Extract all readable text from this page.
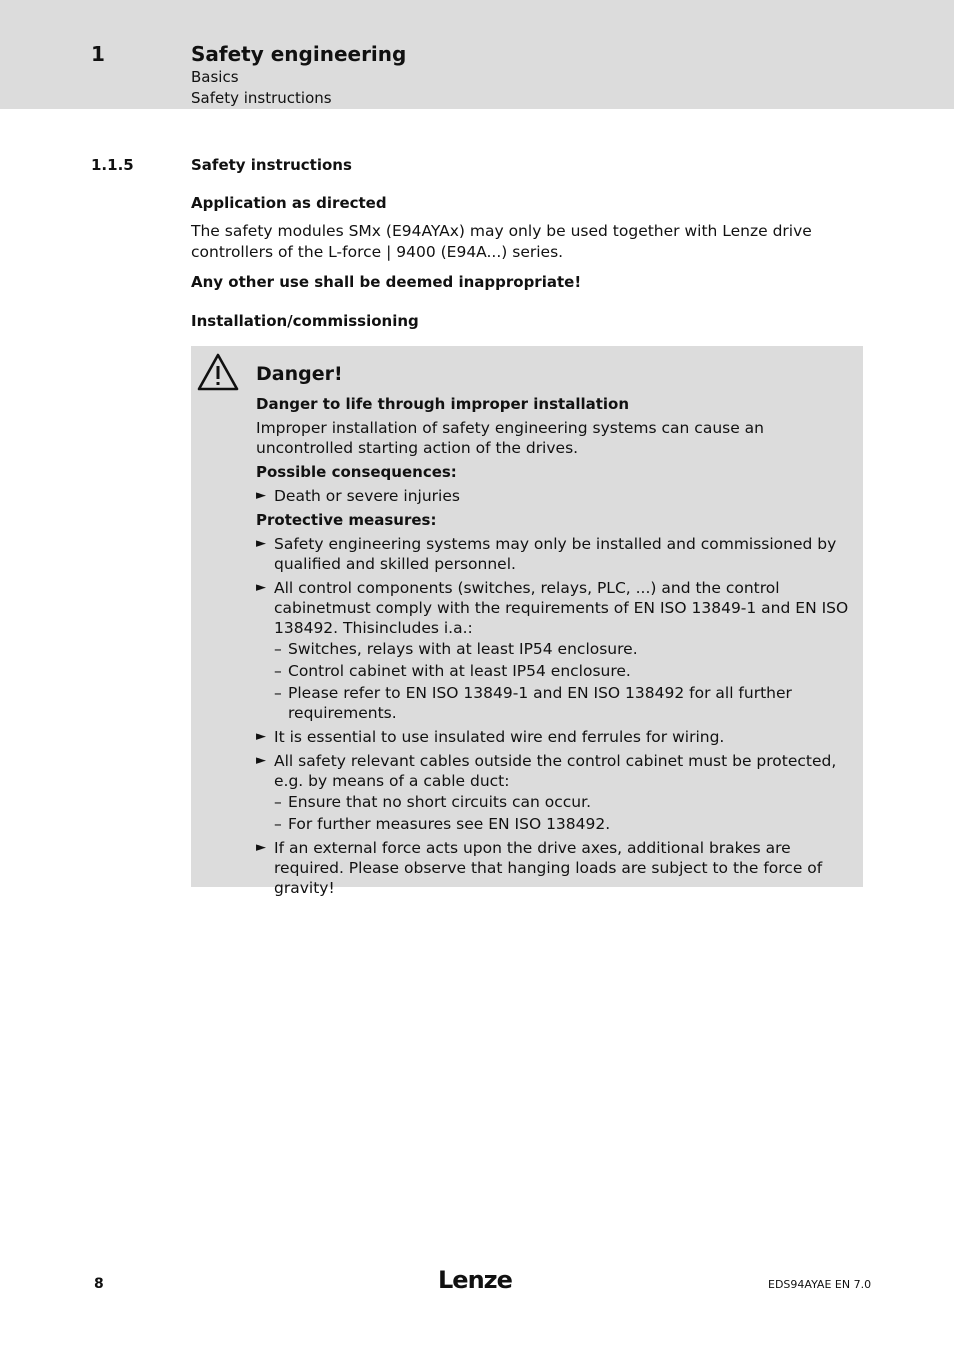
1	Safety engineering
Basics
Safety instructions
1.1.5	Safety instructions
Application as directed
The safety modules SMx (E94AYAx) may only be used together with Lenze drive controllers of the L-force | 9400 (E94A...) series.
Any other use shall be deemed inappropriate!
Installation/commissioning
Danger!
Danger to life through improper installation
Improper installation of safety engineering systems can cause an uncontrolled starting action of the drives.
Possible consequences:
► Death or severe injuries
Protective measures:
► Safety engineering systems may only be installed and commissioned by qualified and skilled personnel.
► All control components (switches, relays, PLC, ...) and the control cabinetmust comply with the requirements of EN ISO 13849-1 and EN ISO 138492. Thisincludes i.a.:
– Switches, relays with at least IP54 enclosure.
– Control cabinet with at least IP54 enclosure.
– Please refer to EN ISO 13849-1 and EN ISO 138492 for all further requirements.
► It is essential to use insulated wire end ferrules for wiring.
► All safety relevant cables outside the control cabinet must be protected, e.g. by means of a cable duct:
– Ensure that no short circuits can occur.
– For further measures see EN ISO 138492.
► If an external force acts upon the drive axes, additional brakes are required. Please observe that hanging loads are subject to the force of gravity!
8	Lenze	EDS94AYAE EN 7.0
